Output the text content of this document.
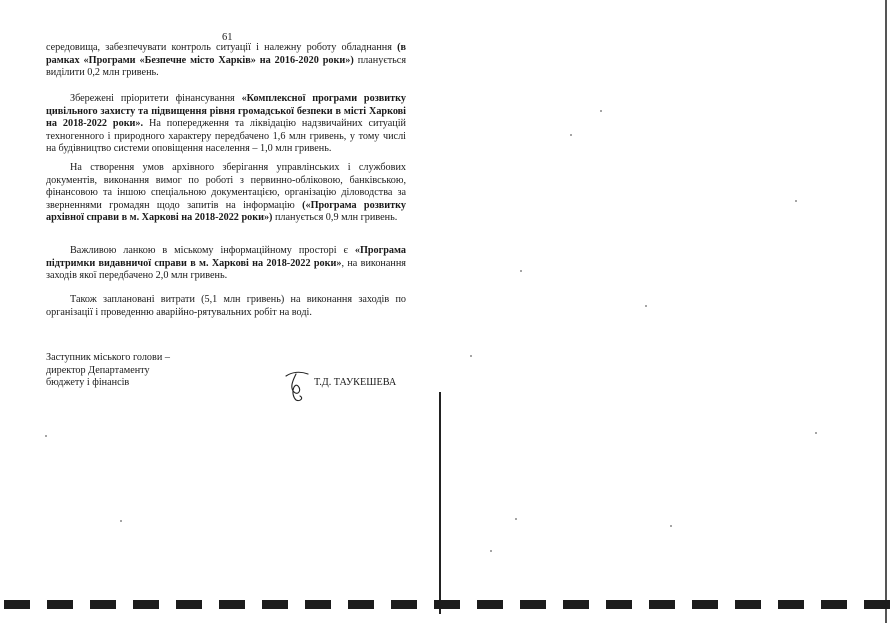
61

середовища, забезпечувати контроль ситуації і належну роботу обладнання (в рамках «Програми «Безпечне місто Харків» на 2016-2020 роки») планується виділити 0,2 млн гривень.

Збережені пріоритети фінансування «Комплексної програми розвитку цивільного захисту та підвищення рівня громадської безпеки в місті Харкові на 2018-2022 роки». На попередження та ліквідацію надзвичайних ситуацій техногенного і природного характеру передбачено 1,6 млн гривень, у тому числі на будівництво системи оповіщення населення – 1,0 млн гривень.

На створення умов архівного зберігання управлінських і службових документів, виконання вимог по роботі з первинно-обліковою, банківською, фінансовою та іншою спеціальною документацією, організацію діловодства за зверненнями громадян щодо запитів на інформацію («Програма розвитку архівної справи в м. Харкові на 2018-2022 роки») планується 0,9 млн гривень.

Важливою ланкою в міському інформаційному просторі є «Програма підтримки видавничої справи в м. Харкові на 2018-2022 роки», на виконання заходів якої передбачено 2,0 млн гривень.

Також заплановані витрати (5,1 млн гривень) на виконання заходів по організації і проведенню аварійно-рятувальних робіт на воді.

Заступник міського голови –
директор Департаменту
бюджету і фінансів	Т.Д. ТАУКЕШЕВА
